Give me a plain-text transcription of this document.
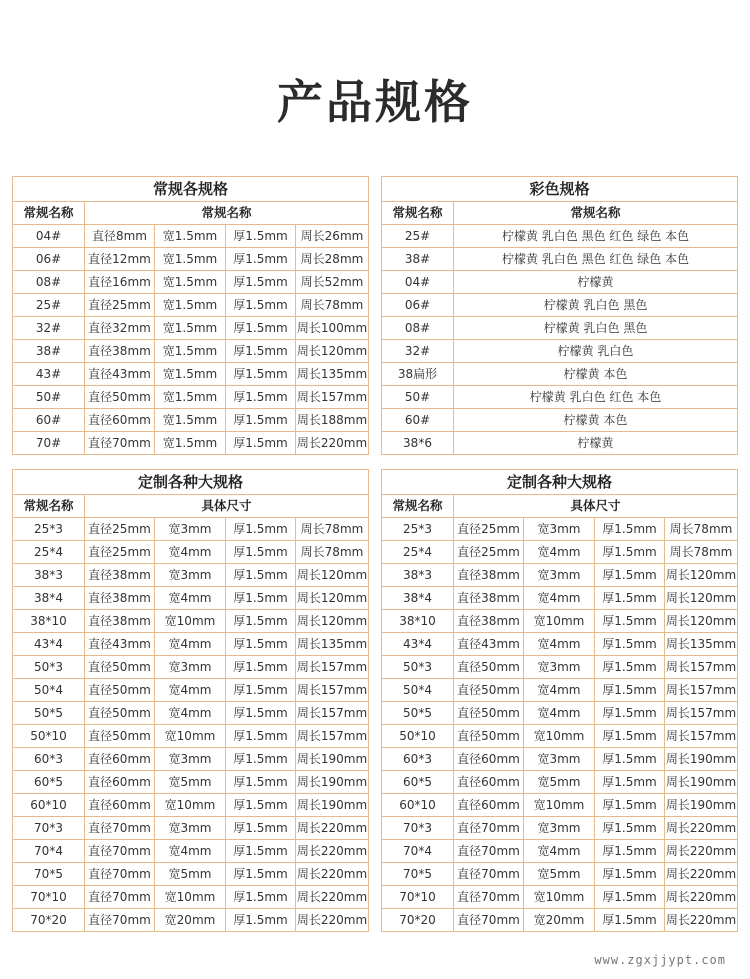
产品规格
常规各规格				
常规名称	常规名称			
04#	直径8mm	宽1.5mm	厚1.5mm	周长26mm
06#	直径12mm	宽1.5mm	厚1.5mm	周长28mm
08#	直径16mm	宽1.5mm	厚1.5mm	周长52mm
25#	直径25mm	宽1.5mm	厚1.5mm	周长78mm
32#	直径32mm	宽1.5mm	厚1.5mm	周长100mm
38#	直径38mm	宽1.5mm	厚1.5mm	周长120mm
43#	直径43mm	宽1.5mm	厚1.5mm	周长135mm
50#	直径50mm	宽1.5mm	厚1.5mm	周长157mm
60#	直径60mm	宽1.5mm	厚1.5mm	周长188mm
70#	直径70mm	宽1.5mm	厚1.5mm	周长220mm
彩色规格	
常规名称	常规名称
25#	柠檬黄 乳白色 黑色 红色 绿色 本色
38#	柠檬黄 乳白色 黑色 红色 绿色 本色
04#	柠檬黄
06#	柠檬黄 乳白色 黑色
08#	柠檬黄 乳白色 黑色
32#	柠檬黄 乳白色
38扁形	柠檬黄 本色
50#	柠檬黄 乳白色 红色 本色
60#	柠檬黄 本色
38*6	柠檬黄
定制各种大规格				
常规名称	具体尺寸			
25*3	直径25mm	宽3mm	厚1.5mm	周长78mm
25*4	直径25mm	宽4mm	厚1.5mm	周长78mm
38*3	直径38mm	宽3mm	厚1.5mm	周长120mm
38*4	直径38mm	宽4mm	厚1.5mm	周长120mm
38*10	直径38mm	宽10mm	厚1.5mm	周长120mm
43*4	直径43mm	宽4mm	厚1.5mm	周长135mm
50*3	直径50mm	宽3mm	厚1.5mm	周长157mm
50*4	直径50mm	宽4mm	厚1.5mm	周长157mm
50*5	直径50mm	宽4mm	厚1.5mm	周长157mm
50*10	直径50mm	宽10mm	厚1.5mm	周长157mm
60*3	直径60mm	宽3mm	厚1.5mm	周长190mm
60*5	直径60mm	宽5mm	厚1.5mm	周长190mm
60*10	直径60mm	宽10mm	厚1.5mm	周长190mm
70*3	直径70mm	宽3mm	厚1.5mm	周长220mm
70*4	直径70mm	宽4mm	厚1.5mm	周长220mm
70*5	直径70mm	宽5mm	厚1.5mm	周长220mm
70*10	直径70mm	宽10mm	厚1.5mm	周长220mm
70*20	直径70mm	宽20mm	厚1.5mm	周长220mm
定制各种大规格				
常规名称	具体尺寸			
25*3	直径25mm	宽3mm	厚1.5mm	周长78mm
25*4	直径25mm	宽4mm	厚1.5mm	周长78mm
38*3	直径38mm	宽3mm	厚1.5mm	周长120mm
38*4	直径38mm	宽4mm	厚1.5mm	周长120mm
38*10	直径38mm	宽10mm	厚1.5mm	周长120mm
43*4	直径43mm	宽4mm	厚1.5mm	周长135mm
50*3	直径50mm	宽3mm	厚1.5mm	周长157mm
50*4	直径50mm	宽4mm	厚1.5mm	周长157mm
50*5	直径50mm	宽4mm	厚1.5mm	周长157mm
50*10	直径50mm	宽10mm	厚1.5mm	周长157mm
60*3	直径60mm	宽3mm	厚1.5mm	周长190mm
60*5	直径60mm	宽5mm	厚1.5mm	周长190mm
60*10	直径60mm	宽10mm	厚1.5mm	周长190mm
70*3	直径70mm	宽3mm	厚1.5mm	周长220mm
70*4	直径70mm	宽4mm	厚1.5mm	周长220mm
70*5	直径70mm	宽5mm	厚1.5mm	周长220mm
70*10	直径70mm	宽10mm	厚1.5mm	周长220mm
70*20	直径70mm	宽20mm	厚1.5mm	周长220mm
www.zgxjjypt.com
